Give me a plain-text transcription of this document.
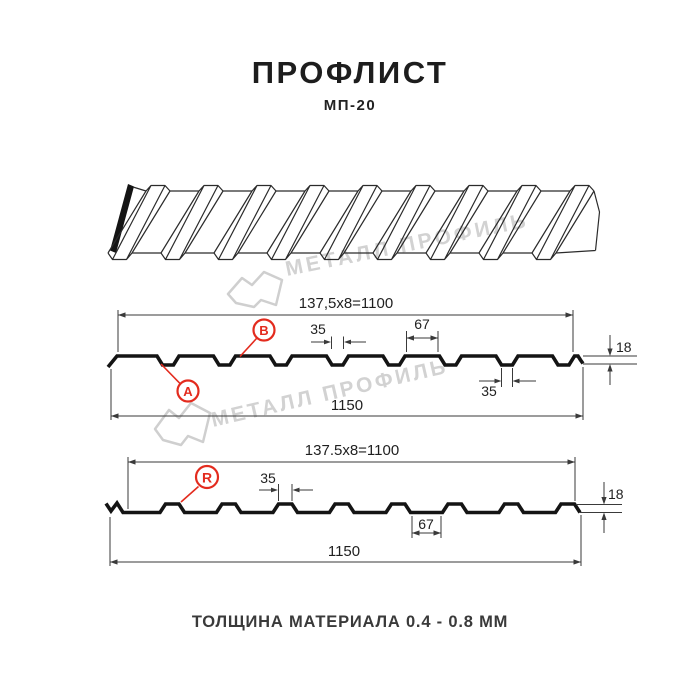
ПРОФЛИСТ
МП-20
МЕТАЛЛ ПРОФИЛЬ
МЕТАЛЛ ПРОФИЛЬ
137,5x8=1100
35	67
18
35
1150
А
В
137.5x8=1100
35
67
18
1150
R
ТОЛЩИНА МАТЕРИАЛА 0.4 - 0.8 ММ
